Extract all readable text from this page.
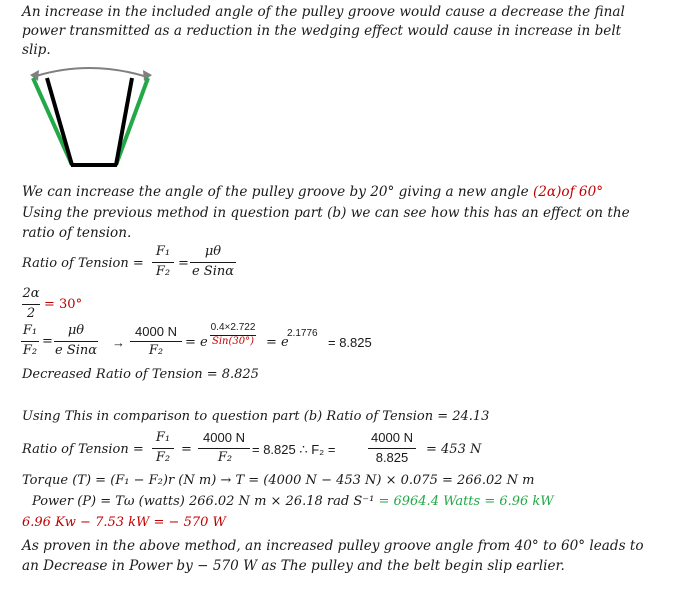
An increase in the included angle of the pulley groove would cause a decrease the final
power transmitted as a reduction in the wedging effect would cause in increase in belt
slip.
We can increase the angle of the pulley groove by 20° giving a new angle (2α)of 60°
Using the previous method in question part (b) we can see how this has an effect on the
ratio of tension.
Ratio of Tension =
F₁
F₂
=
μθ
e Sinα
2α
2
= 30°
F₁
F₂
=
μθ
e Sinα
→
4000 N
F₂
= e
0.4×2.722
Sin(30°) = e
2.1776
= 8.825
Decreased Ratio of Tension = 8.825
Using This in comparison to question part (b) Ratio of Tension = 24.13
Ratio of Tension =
F₁
F₂
=
4000 N
F₂
= 8.825 ∴ F₂ =
4000 N
8.825
= 453 N
Torque (T) = (F₁ − F₂)r (N m) → T = (4000 N − 453 N) × 0.075 = 266.02 N m
Power (P) = Tω (watts) 266.02 N m × 26.18 rad S⁻¹ = 6964.4 Watts = 6.96 kW
6.96 Kw − 7.53 kW = − 570 W
As proven in the above method, an increased pulley groove angle from 40° to 60° leads to
an Decrease in Power by − 570 W as The pulley and the belt begin slip earlier.
